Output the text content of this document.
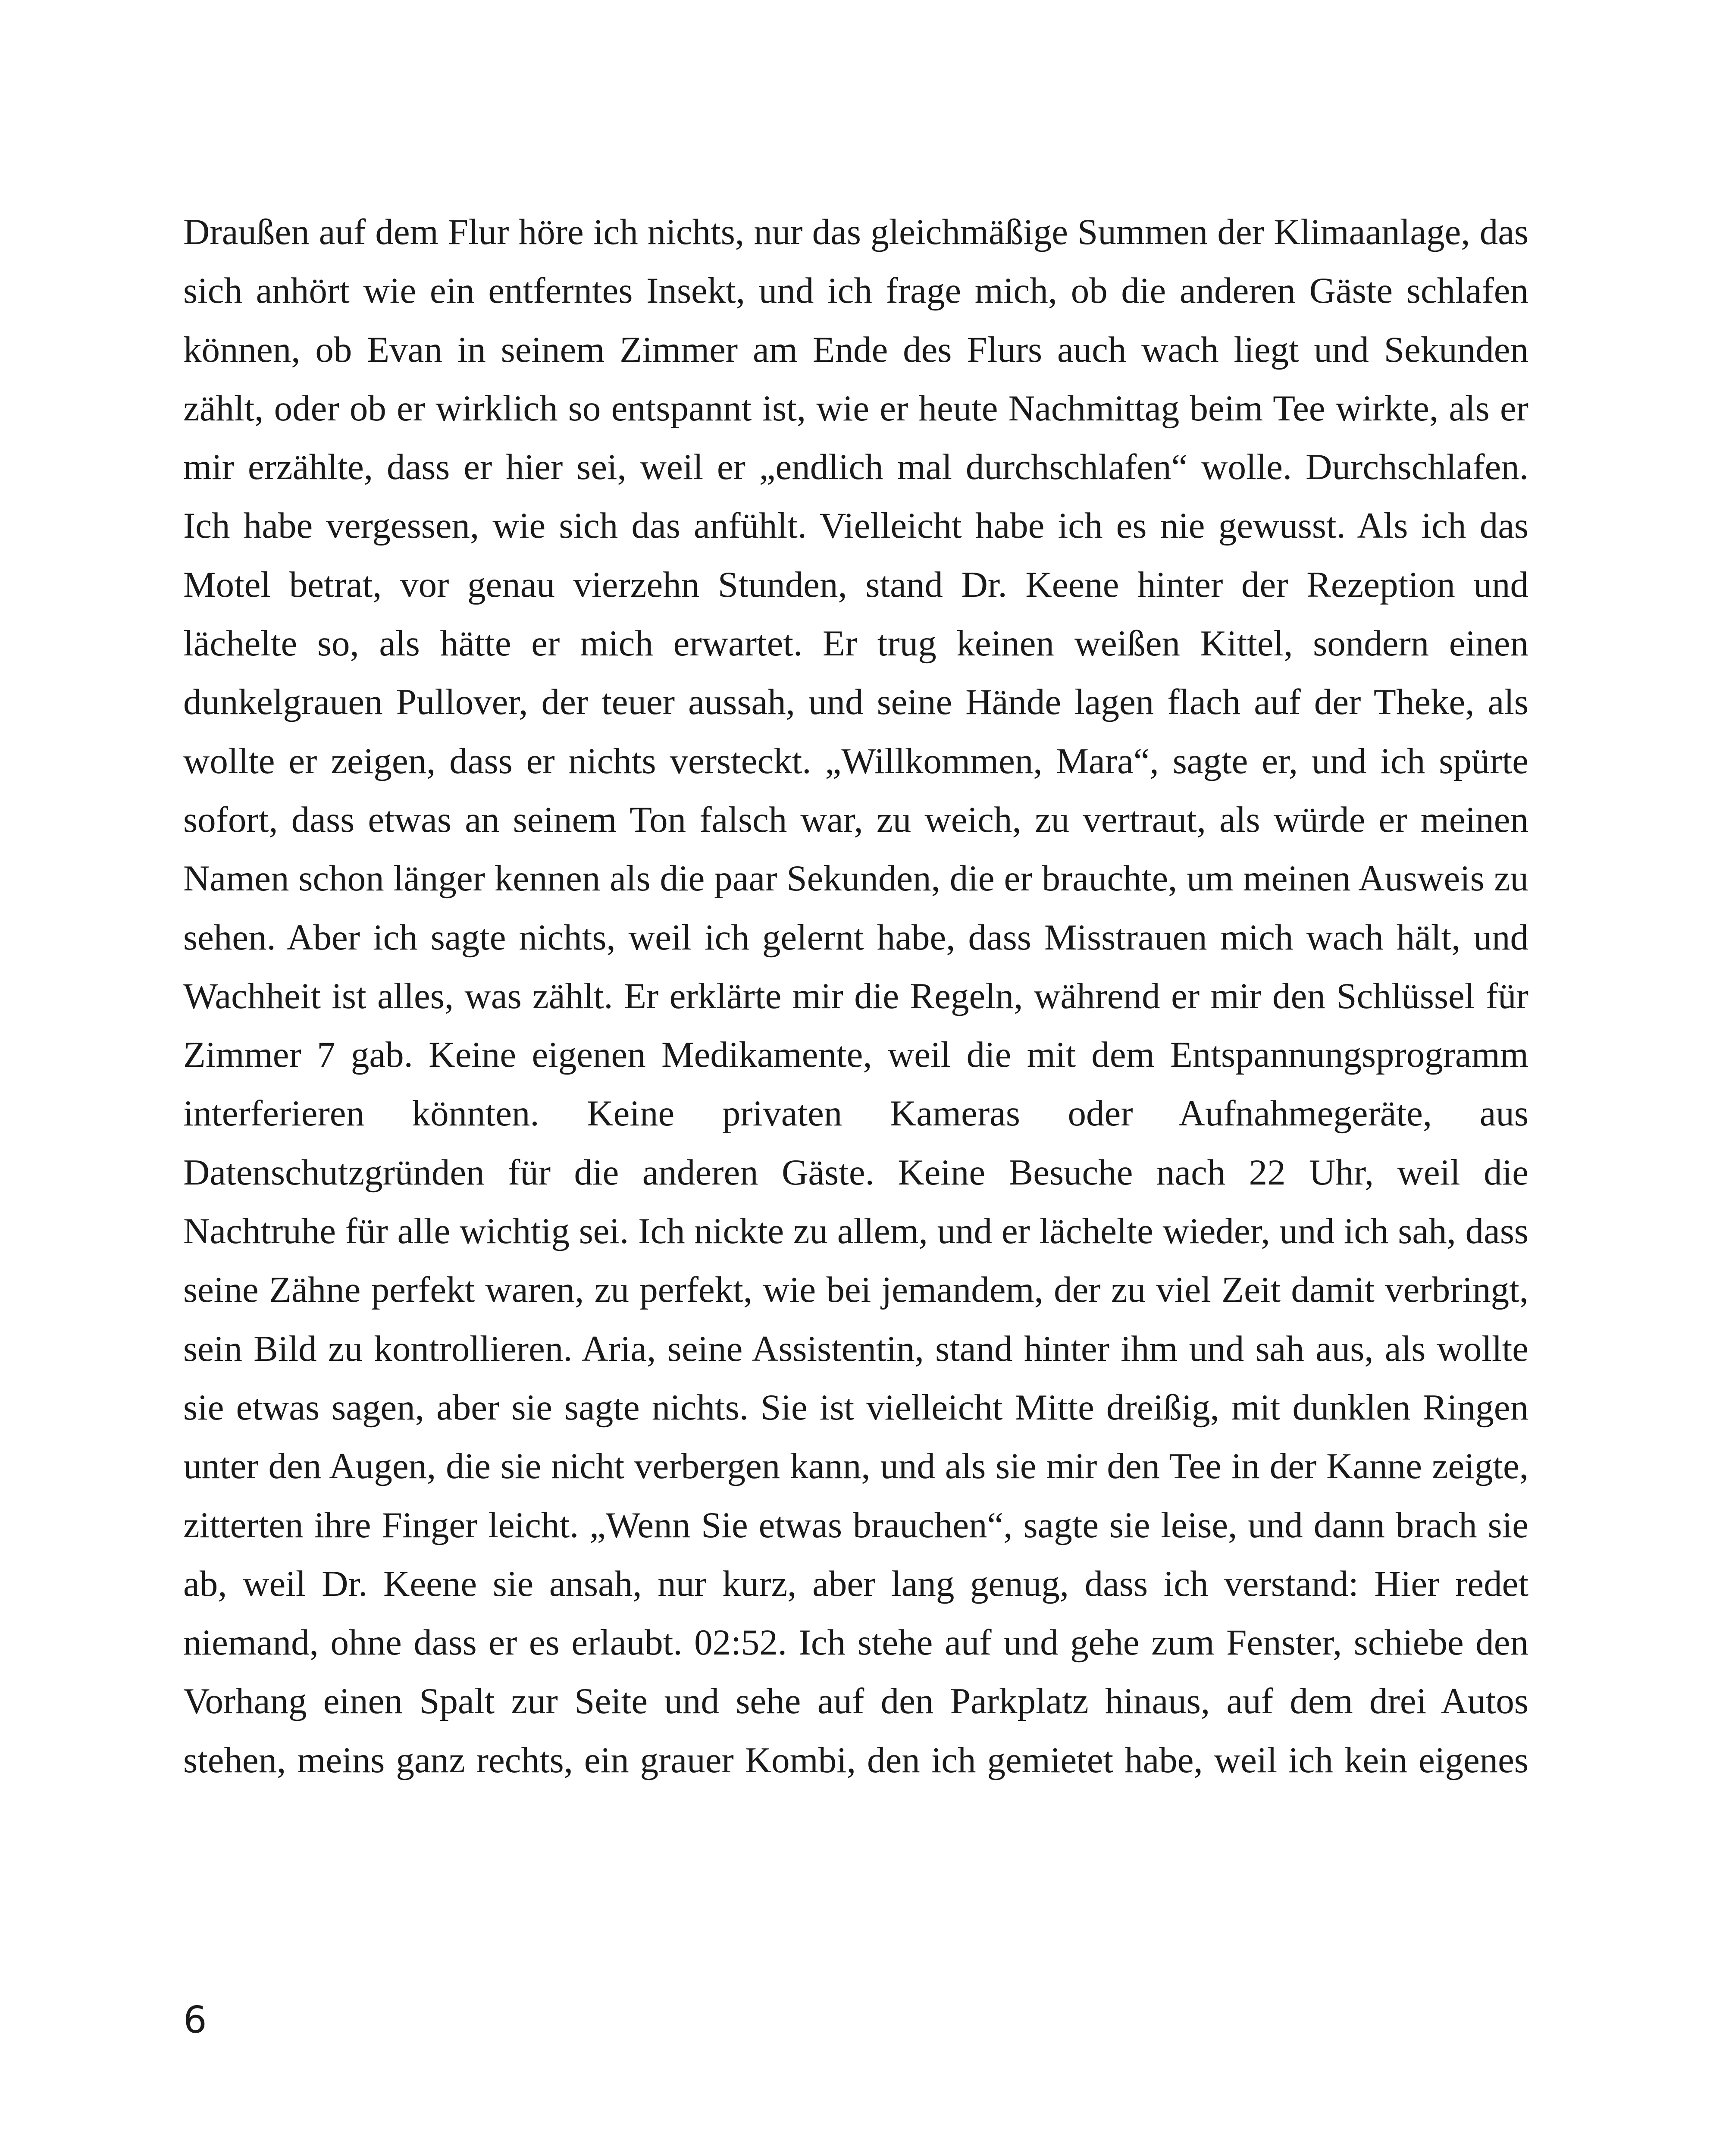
Draußen auf dem Flur höre ich nichts, nur das gleichmäßige Summen der Klimaanlage, das sich anhört wie ein entferntes Insekt, und ich frage mich, ob die anderen Gäste schlafen können, ob Evan in seinem Zimmer am Ende des Flurs auch wach liegt und Sekunden zählt, oder ob er wirklich so entspannt ist, wie er heute Nachmittag beim Tee wirkte, als er mir erzählte, dass er hier sei, weil er „endlich mal durchschlafen“ wolle. Durchschlafen. Ich habe vergessen, wie sich das anfühlt. Vielleicht habe ich es nie gewusst. Als ich das Motel betrat, vor genau vierzehn Stunden, stand Dr. Keene hinter der Rezeption und lächelte so, als hätte er mich erwartet. Er trug keinen weißen Kittel, sondern einen dunkelgrauen Pullover, der teuer aussah, und seine Hände lagen flach auf der Theke, als wollte er zeigen, dass er nichts versteckt. „Willkommen, Mara“, sagte er, und ich spürte sofort, dass etwas an seinem Ton falsch war, zu weich, zu vertraut, als würde er meinen Namen schon länger kennen als die paar Sekunden, die er brauchte, um meinen Ausweis zu sehen. Aber ich sagte nichts, weil ich gelernt habe, dass Misstrauen mich wach hält, und Wachheit ist alles, was zählt. Er erklärte mir die Regeln, während er mir den Schlüssel für Zimmer 7 gab. Keine eigenen Medikamente, weil die mit dem Entspannungsprogramm interferieren könnten. Keine privaten Kameras oder Aufnahmegeräte, aus Datenschutzgründen für die anderen Gäste. Keine Besuche nach 22 Uhr, weil die Nachtruhe für alle wichtig sei. Ich nickte zu allem, und er lächelte wieder, und ich sah, dass seine Zähne perfekt waren, zu perfekt, wie bei jemandem, der zu viel Zeit damit verbringt, sein Bild zu kontrollieren. Aria, seine Assistentin, stand hinter ihm und sah aus, als wollte sie etwas sagen, aber sie sagte nichts. Sie ist vielleicht Mitte dreißig, mit dunklen Ringen unter den Augen, die sie nicht verbergen kann, und als sie mir den Tee in der Kanne zeigte, zitterten ihre Finger leicht. „Wenn Sie etwas brauchen“, sagte sie leise, und dann brach sie ab, weil Dr. Keene sie ansah, nur kurz, aber lang genug, dass ich verstand: Hier redet niemand, ohne dass er es erlaubt. 02:52. Ich stehe auf und gehe zum Fenster, schiebe den Vorhang einen Spalt zur Seite und sehe auf den Parkplatz hinaus, auf dem drei Autos stehen, meins ganz rechts, ein grauer Kombi, den ich gemietet habe, weil ich kein eigenes

6
